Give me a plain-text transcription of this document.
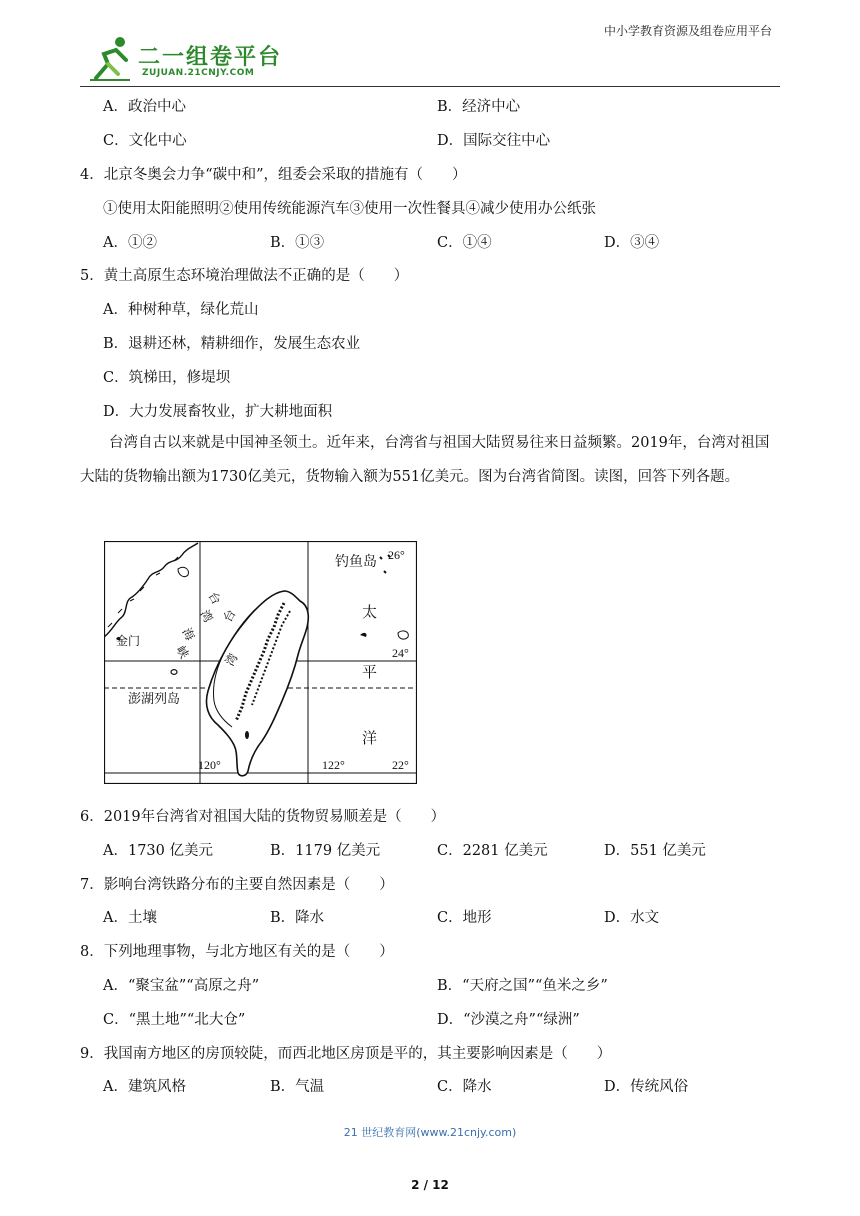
中小学教育资源及组卷应用平台
二一组卷平台
ZUJUAN.21CNJY.COM
A．政治中心	B．经济中心
C．文化中心	D．国际交往中心
4．北京冬奥会力争“碳中和”，组委会采取的措施有（　　）
①使用太阳能照明②使用传统能源汽车③使用一次性餐具④减少使用办公纸张
A．①②	B．①③	C．①④	D．③④
5．黄土高原生态环境治理做法不正确的是（　　）
A．种树种草，绿化荒山
B．退耕还林，精耕细作，发展生态农业
C．筑梯田，修堤坝
D．大力发展畜牧业，扩大耕地面积
台湾自古以来就是中国神圣领土。近年来，台湾省与祖国大陆贸易往来日益频繁。2019年，台湾对祖国大陆的货物输出额为1730亿美元，货物输入额为551亿美元。图为台湾省简图。读图，回答下列各题。
钓鱼岛 26°
太
24°
平
洋
22°
122°
120°
金门
澎湖列岛
台
湾
海
峡
台
湾
6．2019年台湾省对祖国大陆的货物贸易顺差是（　　）
A．1730 亿美元	B．1179 亿美元	C．2281 亿美元	D．551 亿美元
7．影响台湾铁路分布的主要自然因素是（　　）
A．土壤	B．降水	C．地形	D．水文
8．下列地理事物，与北方地区有关的是（　　）
A．“聚宝盆”“高原之舟”	B．“天府之国”“鱼米之乡”
C．“黑土地”“北大仓”	D．“沙漠之舟”“绿洲”
9．我国南方地区的房顶较陡，而西北地区房顶是平的，其主要影响因素是（　　）
A．建筑风格	B．气温	C．降水	D．传统风俗
21 世纪教育网(www.21cnjy.com)
2 / 12
